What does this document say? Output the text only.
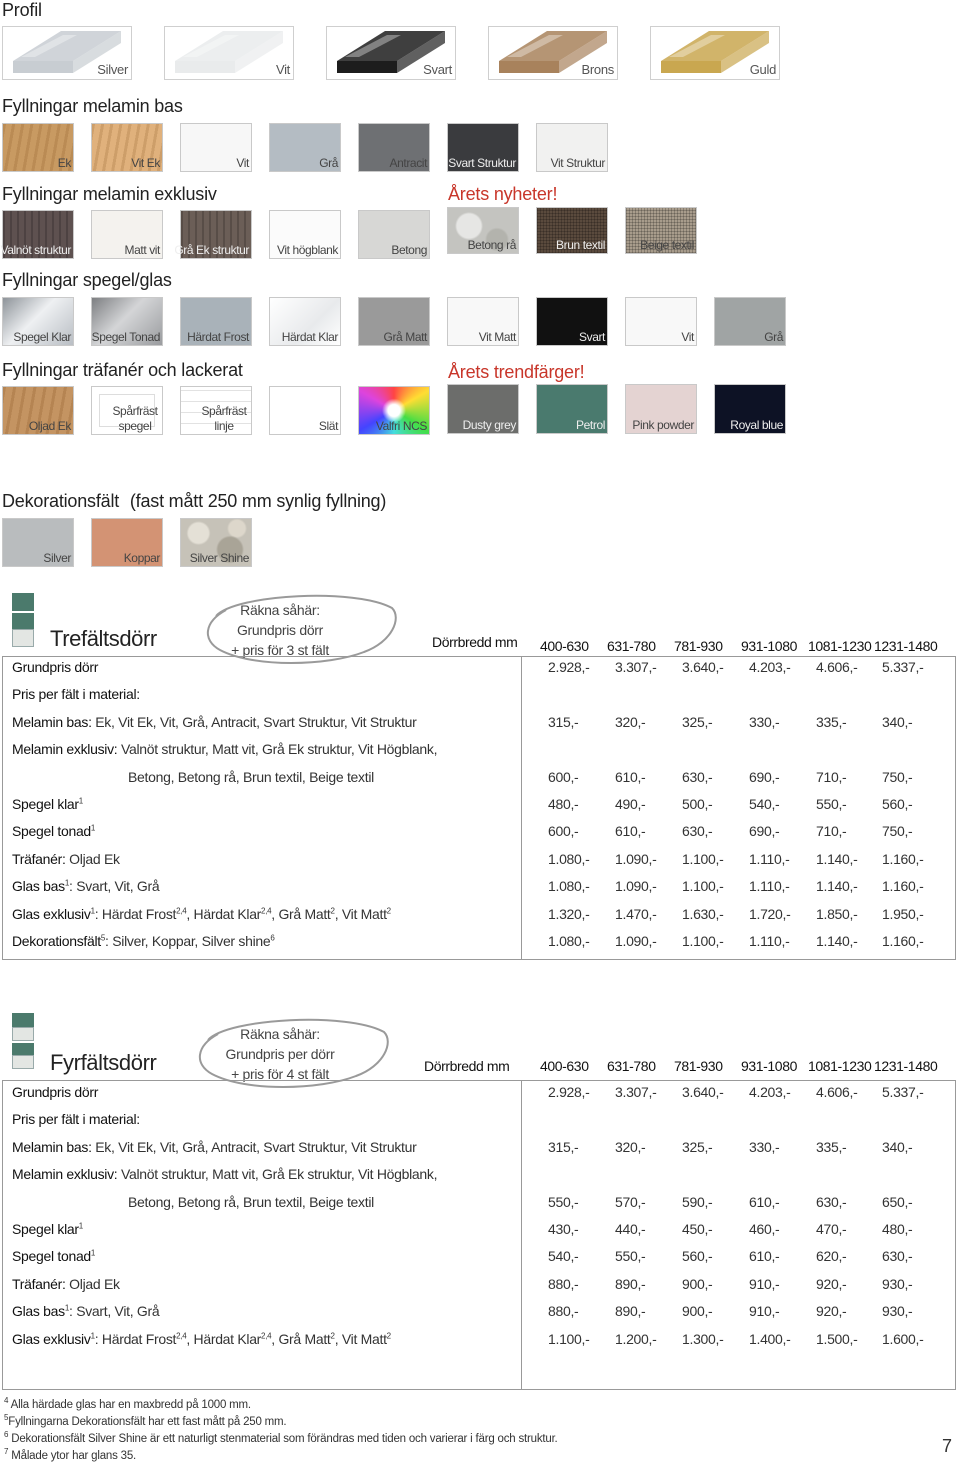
Profil
Fyllningar melamin bas
Fyllningar melamin exklusiv	Årets nyheter!
Fyllningar spegel/glas
Fyllningar träfanér och lackerat	Årets trendfärger!
Dekorationsfält (fast mått 250 mm synlig fyllning)
Silver	Vit	Svart	Brons	Guld
Ek	Vit Ek	Vit	Grå	Antracit Svart Struktur	Vit Struktur
Valnöt struktur	Matt vit Grå Ek struktur Vit högblank	Betong	Betong rå	Brun textil	Beige textil
Spegel Klar Spegel Tonad Härdat Frost	Härdat Klar	Grå Matt	Vit Matt	Svart	Vit	Grå
Oljad Ek
Spårfräst
spegel
Spårfräst
linje	Slät	Valfri NCS	Dusty grey	Petrol Pink powder	Royal blue
Silver	Koppar Silver Shine
Trefältsdörr
Räkna såhär:
Grundpris dörr
+ pris för 3 st fält	Dörrbredd mm 400-630 631-780 781-930 931-1080 1081-1230 1231-1480
Grundpris dörr	2.928,- 3.307,- 3.640,- 4.203,- 4.606,- 5.337,-
Pris per fält i material:
Melamin bas: Ek, Vit Ek, Vit, Grå, Antracit, Svart Struktur, Vit Struktur	315,-	320,-	325,-	330,-	335,-	340,-
Melamin exklusiv: Valnöt struktur, Matt vit, Grå Ek struktur, Vit Högblank,
Betong, Betong rå, Brun textil, Beige textil	600,-	610,-	630,-	690,-	710,-	750,-
Spegel klar$^1$	480,-	490,-	500,-	540,-	550,-	560,-
Spegel tonad$^1$	600,-	610,-	630,-	690,-	710,-	750,-
Träfanér: Oljad Ek	1.080,- 1.090,- 1.100,- 1.110,- 1.140,- 1.160,-
Glas bas$^1$: Svart, Vit, Grå	1.080,- 1.090,- 1.100,- 1.110,- 1.140,- 1.160,-
Glas exklusiv$^1$: Härdat Frost$^{2,4}$, Härdat Klar$^{2,4}$, Grå Matt$^2$, Vit Matt$^2$	1.320,- 1.470,- 1.630,- 1.720,- 1.850,- 1.950,-
Dekorationsfält$^5$: Silver, Koppar, Silver shine$^6$	1.080,- 1.090,- 1.100,- 1.110,- 1.140,- 1.160,-
Fyrfältsdörr
Räkna såhär:
Grundpris per dörr
+ pris för 4 st fält	Dörrbredd mm 400-630 631-780 781-930 931-1080 1081-1230 1231-1480
Grundpris dörr	2.928,- 3.307,- 3.640,- 4.203,- 4.606,- 5.337,-
Pris per fält i material:
Melamin bas: Ek, Vit Ek, Vit, Grå, Antracit, Svart Struktur, Vit Struktur	315,-	320,-	325,-	330,-	335,-	340,-
Melamin exklusiv: Valnöt struktur, Matt vit, Grå Ek struktur, Vit Högblank,
Betong, Betong rå, Brun textil, Beige textil	550,-	570,-	590,-	610,-	630,-	650,-
Spegel klar$^1$	430,-	440,-	450,-	460,-	470,-	480,-
Spegel tonad$^1$	540,-	550,-	560,-	610,-	620,-	630,-
Träfanér: Oljad Ek	880,-	890,-	900,-	910,-	920,-	930,-
Glas bas$^1$: Svart, Vit, Grå	880,-	890,-	900,-	910,-	920,-	930,-
Glas exklusiv$^1$: Härdat Frost$^{2,4}$, Härdat Klar$^{2,4}$, Grå Matt$^2$, Vit Matt$^2$	1.100,- 1.200,- 1.300,- 1.400,- 1.500,- 1.600,-
$^4$ Alla härdade glas har en maxbredd på 1000 mm.
$^5$Fyllningarna Dekorationsfält har ett fast mått på 250 mm.
$^6$ Dekorationsfält Silver Shine är ett naturligt stenmaterial som förändras med tiden och varierar i färg och struktur.
$^7$ Målade ytor har glans 35.	7
